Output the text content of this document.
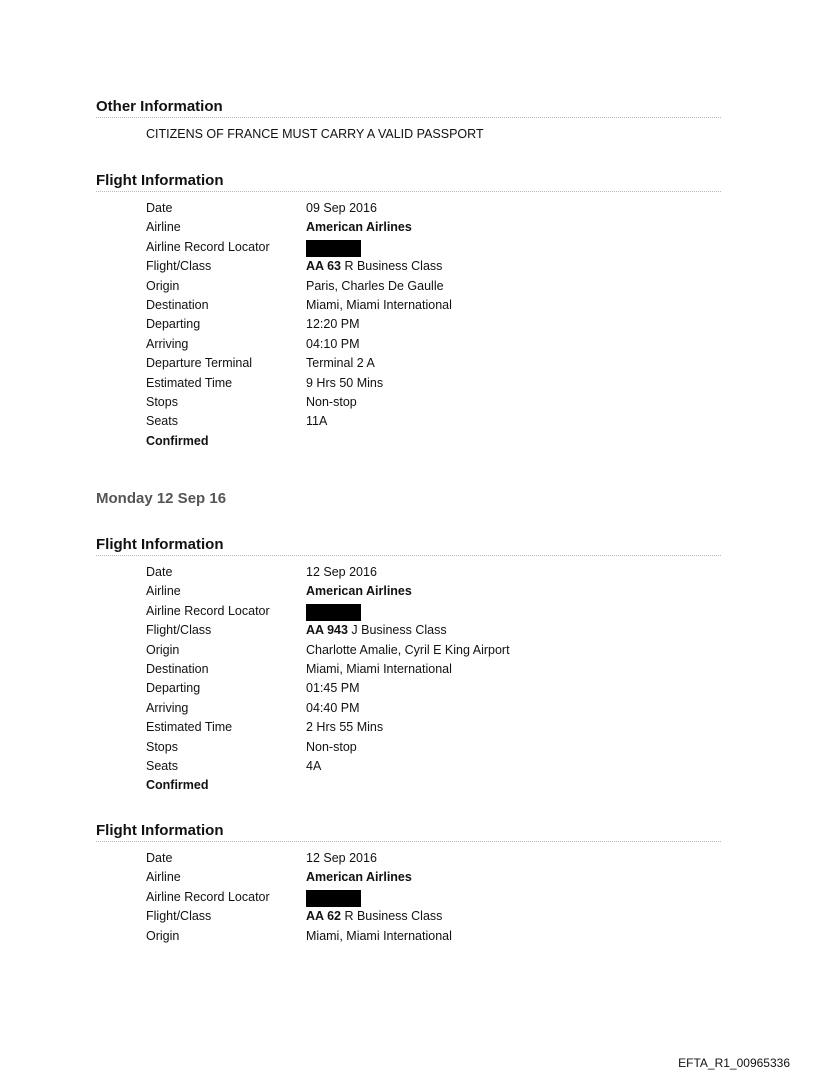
Other Information
CITIZENS OF FRANCE MUST CARRY A VALID PASSPORT
Flight Information
Date	09 Sep 2016
Airline	American Airlines
Airline Record Locator
Flight/Class	AA 63 R Business Class
Origin	Paris, Charles De Gaulle
Destination	Miami, Miami International
Departing	12:20 PM
Arriving	04:10 PM
Departure Terminal	Terminal 2 A
Estimated Time	9 Hrs 50 Mins
Stops	Non-stop
Seats	11A
Confirmed
Monday 12 Sep 16
Flight Information
Date	12 Sep 2016
Airline	American Airlines
Airline Record Locator
Flight/Class	AA 943 J Business Class
Origin	Charlotte Amalie, Cyril E King Airport
Destination	Miami, Miami International
Departing	01:45 PM
Arriving	04:40 PM
Estimated Time	2 Hrs 55 Mins
Stops	Non-stop
Seats	4A
Confirmed
Flight Information
Date	12 Sep 2016
Airline	American Airlines
Airline Record Locator
Flight/Class	AA 62 R Business Class
Origin	Miami, Miami International
EFTA_R1_00965336
